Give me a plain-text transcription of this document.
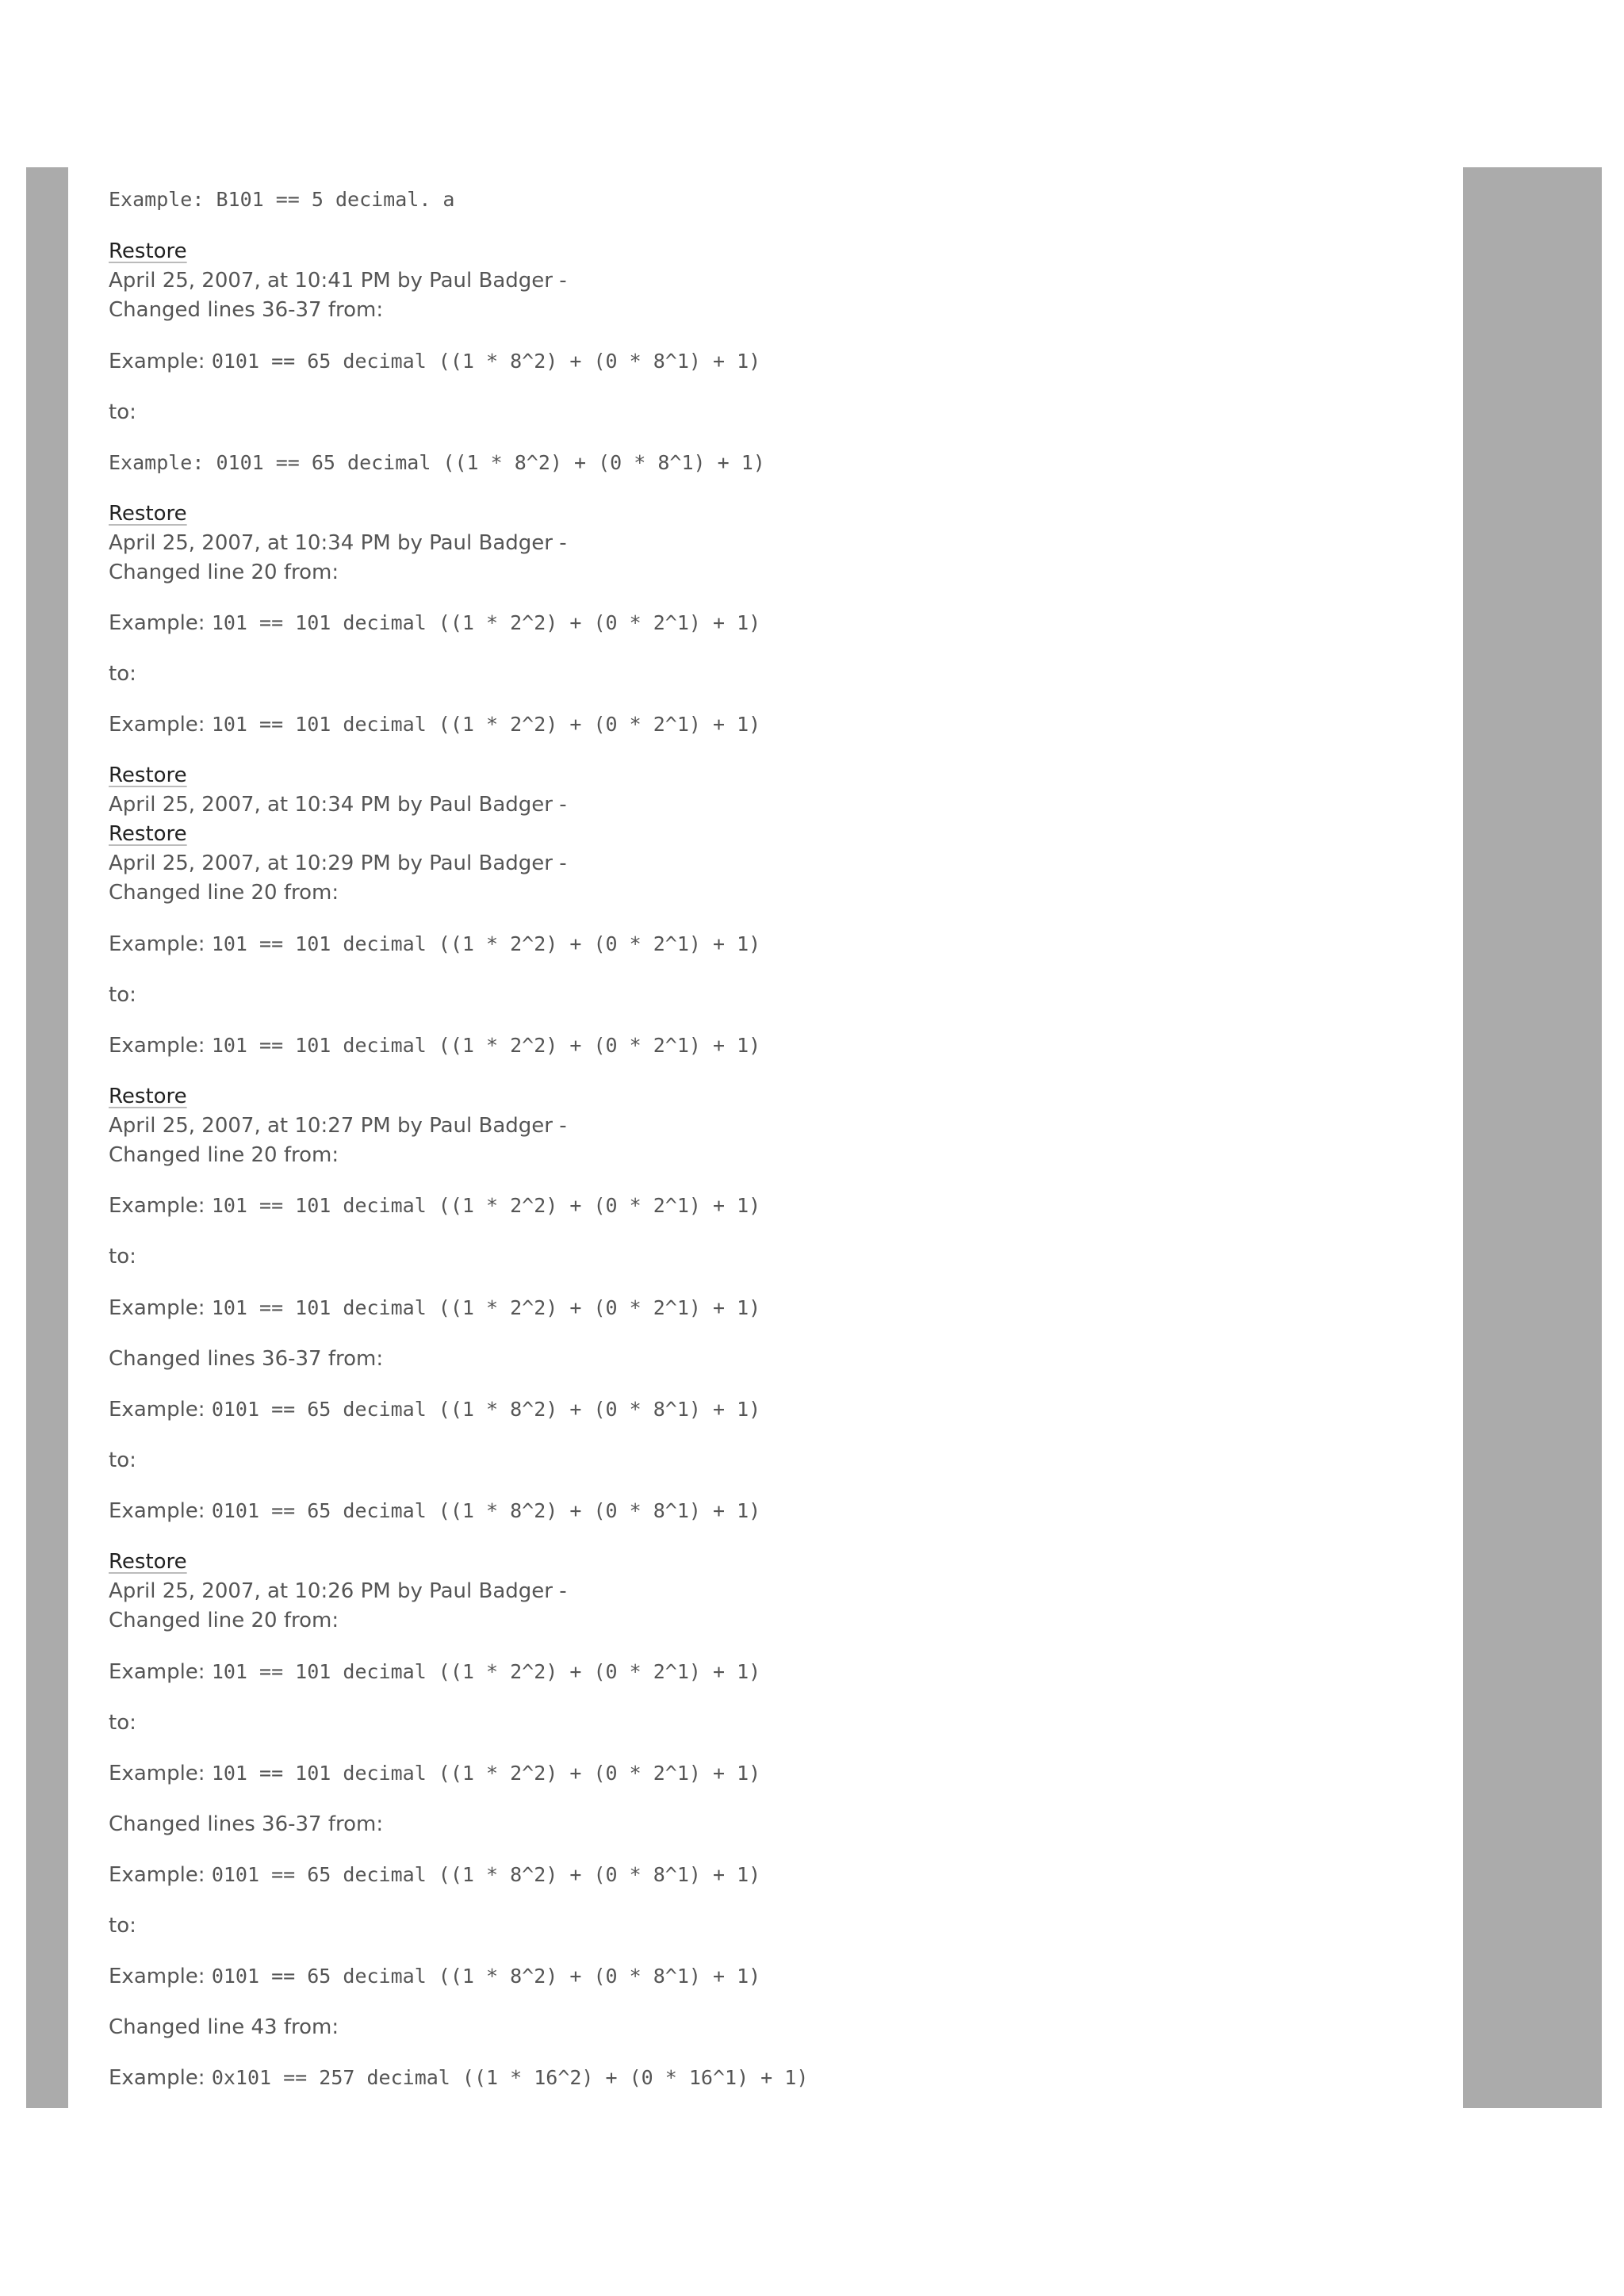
Example: B101 == 5 decimal. a
Restore
April 25, 2007, at 10:41 PM by Paul Badger -
Changed lines 36-37 from:
Example: 0101 == 65 decimal ((1 * 8^2) + (0 * 8^1) + 1)
to:
Example: 0101 == 65 decimal ((1 * 8^2) + (0 * 8^1) + 1)
Restore
April 25, 2007, at 10:34 PM by Paul Badger -
Changed line 20 from:
Example: 101 == 101 decimal ((1 * 2^2) + (0 * 2^1) + 1)
to:
Example: 101 == 101 decimal ((1 * 2^2) + (0 * 2^1) + 1)
Restore
April 25, 2007, at 10:34 PM by Paul Badger -
Restore
April 25, 2007, at 10:29 PM by Paul Badger -
Changed line 20 from:
Example: 101 == 101 decimal ((1 * 2^2) + (0 * 2^1) + 1)
to:
Example: 101 == 101 decimal ((1 * 2^2) + (0 * 2^1) + 1)
Restore
April 25, 2007, at 10:27 PM by Paul Badger -
Changed line 20 from:
Example: 101 == 101 decimal ((1 * 2^2) + (0 * 2^1) + 1)
to:
Example: 101 == 101 decimal ((1 * 2^2) + (0 * 2^1) + 1)
Changed lines 36-37 from:
Example: 0101 == 65 decimal ((1 * 8^2) + (0 * 8^1) + 1)
to:
Example: 0101 == 65 decimal ((1 * 8^2) + (0 * 8^1) + 1)
Restore
April 25, 2007, at 10:26 PM by Paul Badger -
Changed line 20 from:
Example: 101 == 101 decimal ((1 * 2^2) + (0 * 2^1) + 1)
to:
Example: 101 == 101 decimal ((1 * 2^2) + (0 * 2^1) + 1)
Changed lines 36-37 from:
Example: 0101 == 65 decimal ((1 * 8^2) + (0 * 8^1) + 1)
to:
Example: 0101 == 65 decimal ((1 * 8^2) + (0 * 8^1) + 1)
Changed line 43 from:
Example: 0x101 == 257 decimal ((1 * 16^2) + (0 * 16^1) + 1)
